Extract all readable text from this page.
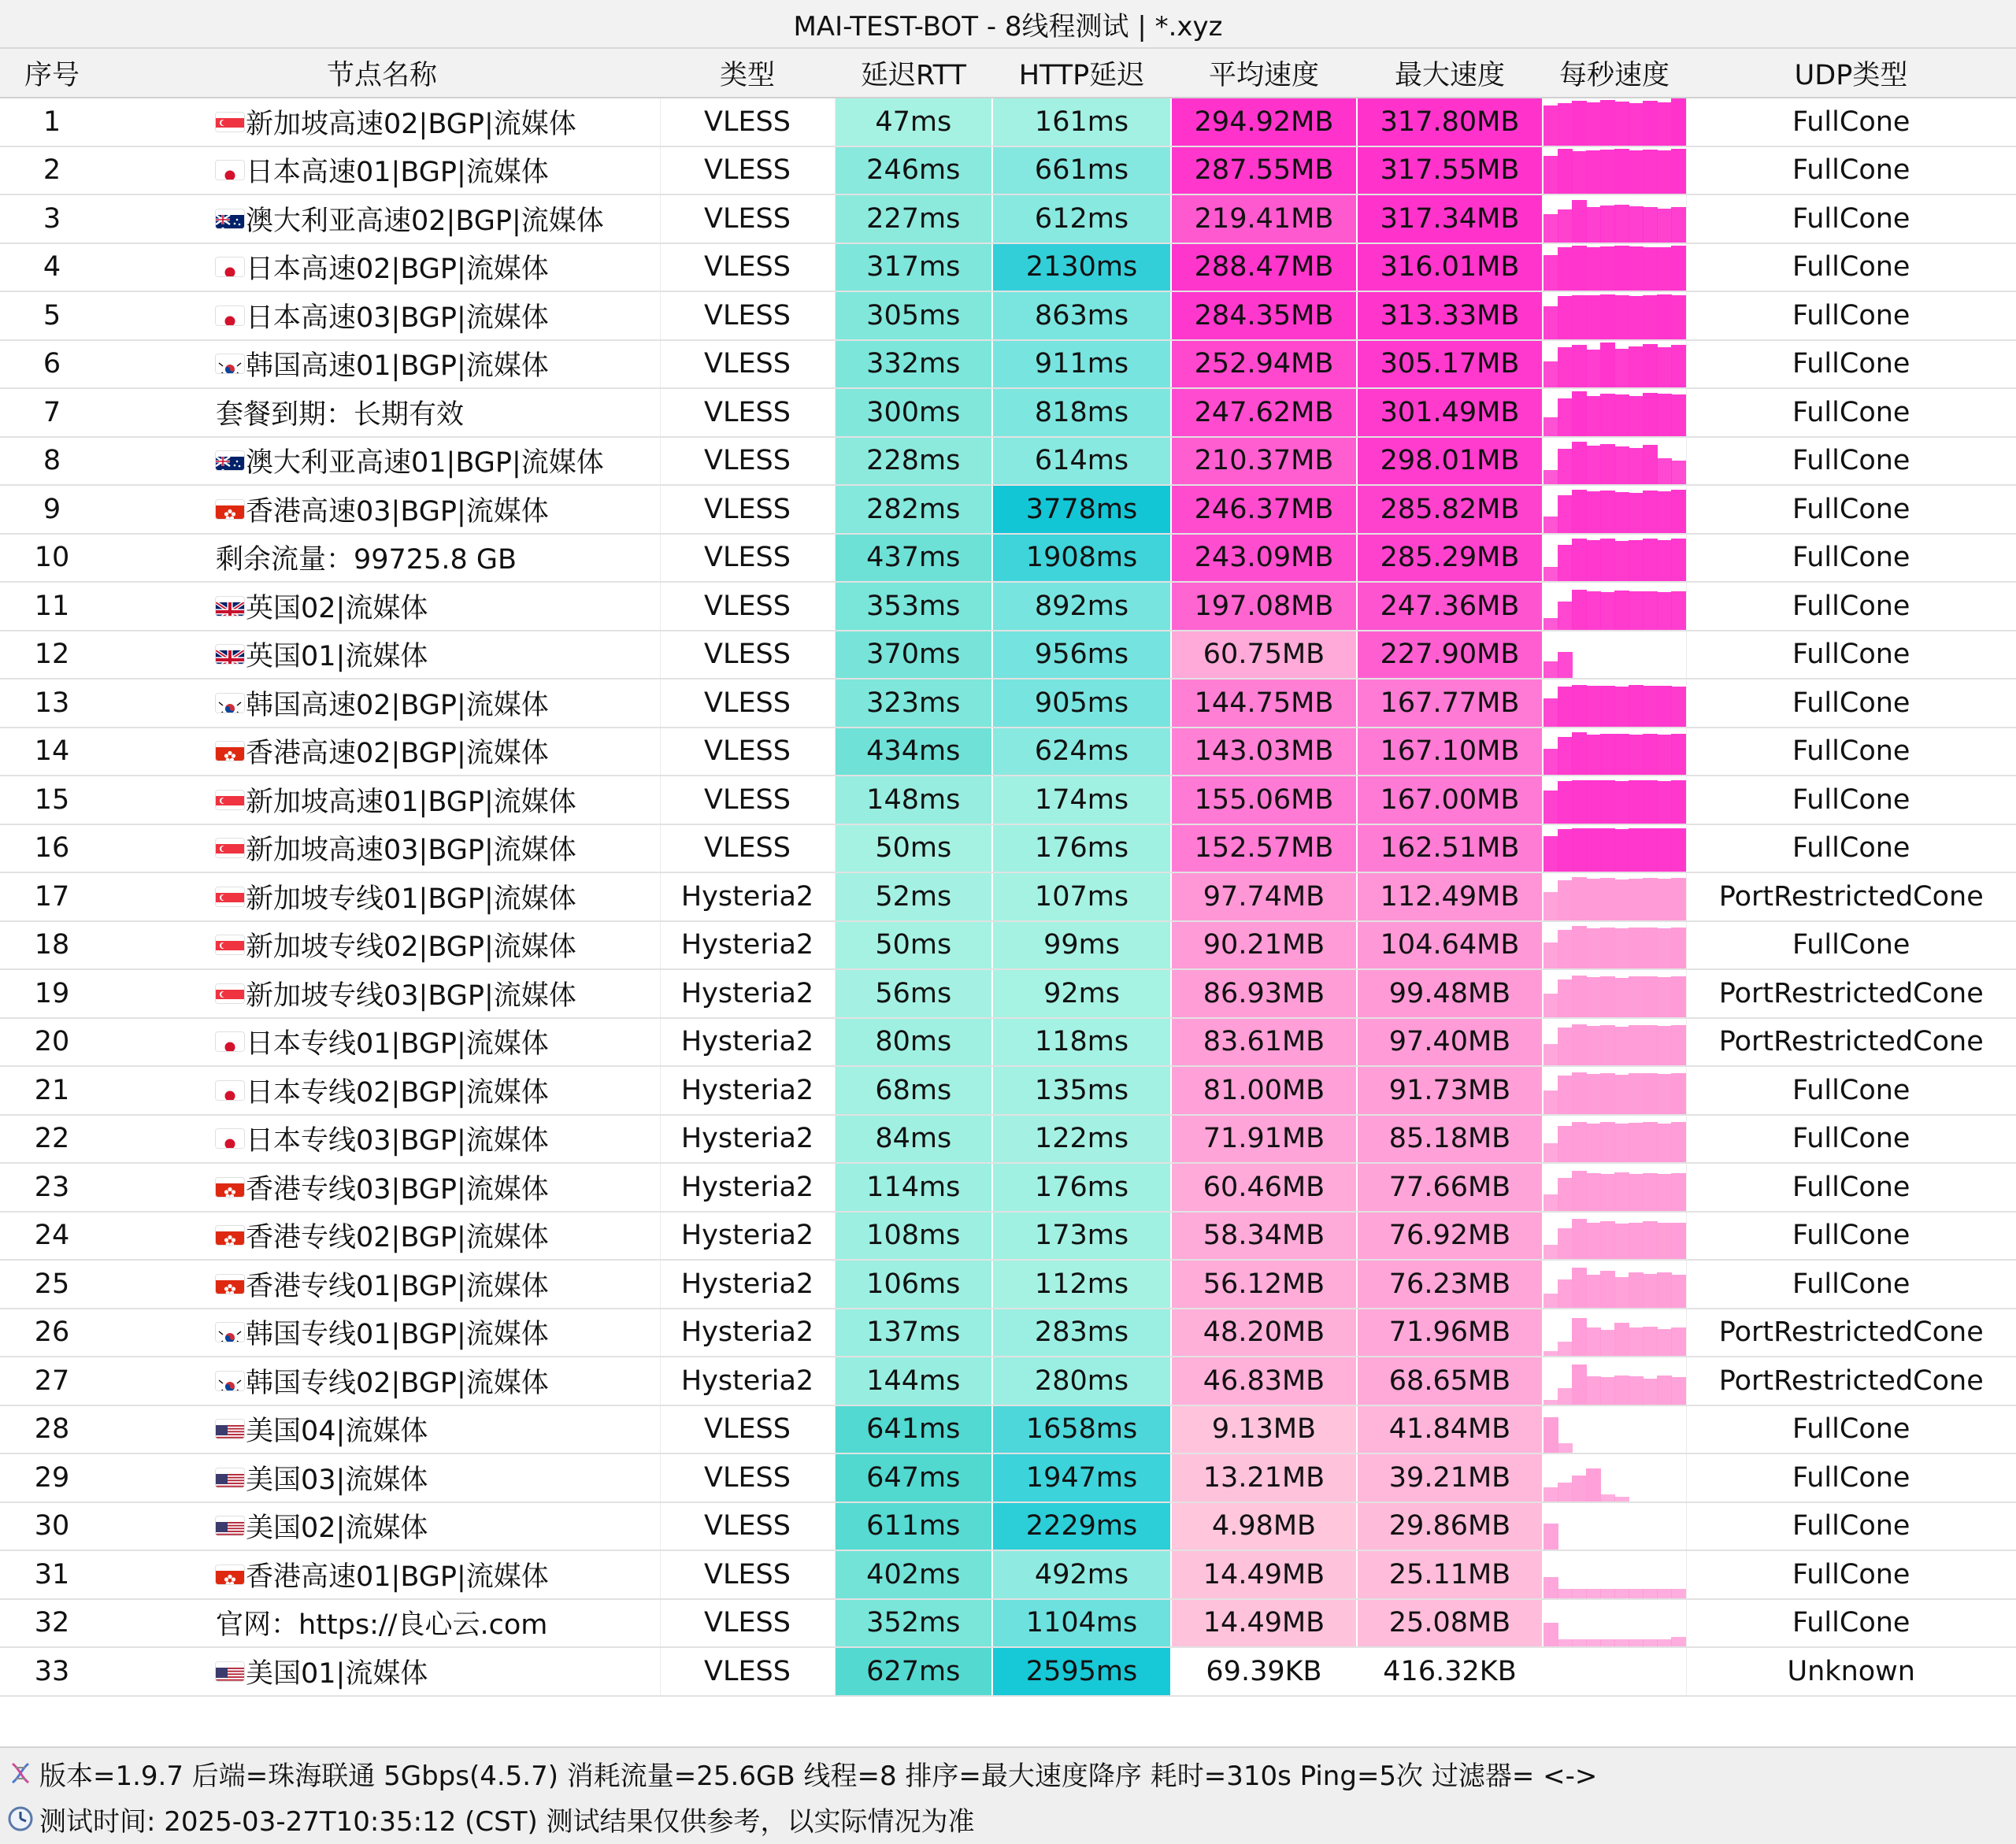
MAI-TEST-BOT - 8线程测试 | *.xyz
序号	节点名称	类型	延迟RTT	HTTP延迟	平均速度	最大速度	每秒速度	UDP类型
1	新加坡高速02|BGP|流媒体	VLESS	47ms	161ms	294.92MB	317.80MB		FullCone
2	日本高速01|BGP|流媒体	VLESS	246ms	661ms	287.55MB	317.55MB		FullCone
3	澳大利亚高速02|BGP|流媒体	VLESS	227ms	612ms	219.41MB	317.34MB		FullCone
4	日本高速02|BGP|流媒体	VLESS	317ms	2130ms	288.47MB	316.01MB		FullCone
5	日本高速03|BGP|流媒体	VLESS	305ms	863ms	284.35MB	313.33MB		FullCone
6	韩国高速01|BGP|流媒体	VLESS	332ms	911ms	252.94MB	305.17MB		FullCone
7	套餐到期：长期有效	VLESS	300ms	818ms	247.62MB	301.49MB		FullCone
8	澳大利亚高速01|BGP|流媒体	VLESS	228ms	614ms	210.37MB	298.01MB		FullCone
9	香港高速03|BGP|流媒体	VLESS	282ms	3778ms	246.37MB	285.82MB		FullCone
10	剩余流量：99725.8 GB	VLESS	437ms	1908ms	243.09MB	285.29MB		FullCone
11	英国02|流媒体	VLESS	353ms	892ms	197.08MB	247.36MB		FullCone
12	英国01|流媒体	VLESS	370ms	956ms	60.75MB	227.90MB		FullCone
13	韩国高速02|BGP|流媒体	VLESS	323ms	905ms	144.75MB	167.77MB		FullCone
14	香港高速02|BGP|流媒体	VLESS	434ms	624ms	143.03MB	167.10MB		FullCone
15	新加坡高速01|BGP|流媒体	VLESS	148ms	174ms	155.06MB	167.00MB		FullCone
16	新加坡高速03|BGP|流媒体	VLESS	50ms	176ms	152.57MB	162.51MB		FullCone
17	新加坡专线01|BGP|流媒体	Hysteria2	52ms	107ms	97.74MB	112.49MB		PortRestrictedCone
18	新加坡专线02|BGP|流媒体	Hysteria2	50ms	99ms	90.21MB	104.64MB		FullCone
19	新加坡专线03|BGP|流媒体	Hysteria2	56ms	92ms	86.93MB	99.48MB		PortRestrictedCone
20	日本专线01|BGP|流媒体	Hysteria2	80ms	118ms	83.61MB	97.40MB		PortRestrictedCone
21	日本专线02|BGP|流媒体	Hysteria2	68ms	135ms	81.00MB	91.73MB		FullCone
22	日本专线03|BGP|流媒体	Hysteria2	84ms	122ms	71.91MB	85.18MB		FullCone
23	香港专线03|BGP|流媒体	Hysteria2	114ms	176ms	60.46MB	77.66MB		FullCone
24	香港专线02|BGP|流媒体	Hysteria2	108ms	173ms	58.34MB	76.92MB		FullCone
25	香港专线01|BGP|流媒体	Hysteria2	106ms	112ms	56.12MB	76.23MB		FullCone
26	韩国专线01|BGP|流媒体	Hysteria2	137ms	283ms	48.20MB	71.96MB		PortRestrictedCone
27	韩国专线02|BGP|流媒体	Hysteria2	144ms	280ms	46.83MB	68.65MB		PortRestrictedCone
28	美国04|流媒体	VLESS	641ms	1658ms	9.13MB	41.84MB		FullCone
29	美国03|流媒体	VLESS	647ms	1947ms	13.21MB	39.21MB		FullCone
30	美国02|流媒体	VLESS	611ms	2229ms	4.98MB	29.86MB		FullCone
31	香港高速01|BGP|流媒体	VLESS	402ms	492ms	14.49MB	25.11MB		FullCone
32	官网：https://良心云.com	VLESS	352ms	1104ms	14.49MB	25.08MB		FullCone
33	美国01|流媒体	VLESS	627ms	2595ms	69.39KB	416.32KB		Unknown
版本=1.9.7 后端=珠海联通 5Gbps(4.5.7) 消耗流量=25.6GB 线程=8 排序=最大速度降序 耗时=310s Ping=5次 过滤器= <->
测试时间: 2025-03-27T10:35:12 (CST) 测试结果仅供参考，以实际情况为准
